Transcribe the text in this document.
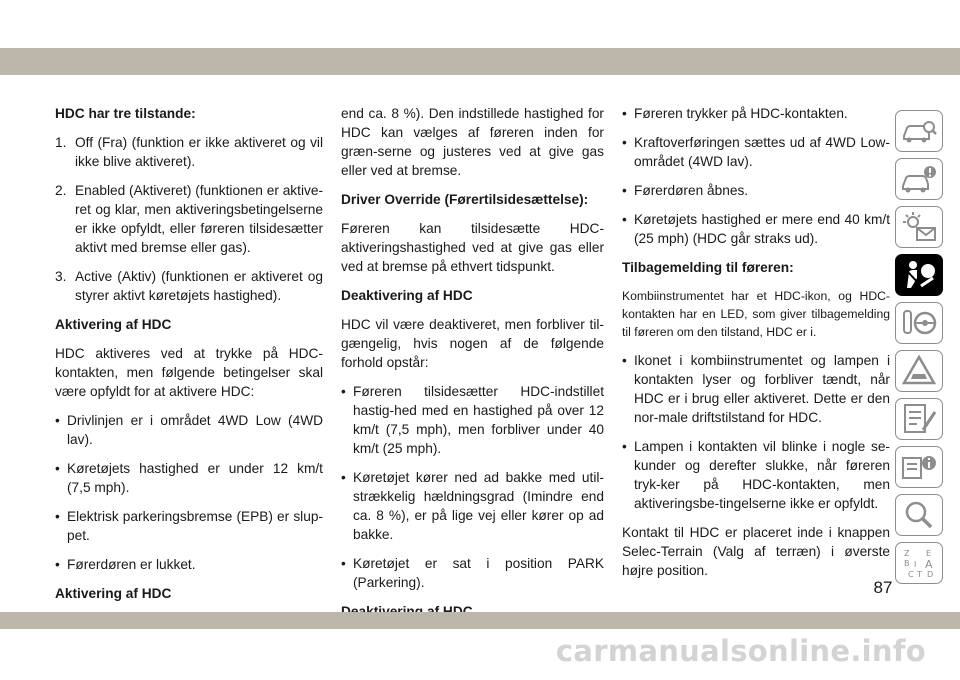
HDC har tre tilstande:
1. Off (Fra) (funktion er ikke aktiveret og vil ikke blive aktiveret).
2. Enabled (Aktiveret) (funktionen er aktive-ret og klar, men aktiveringsbetingelserne er ikke opfyldt, eller føreren tilsidesætter aktivt med bremse eller gas).
3. Active (Aktiv) (funktionen er aktiveret og styrer aktivt køretøjets hastighed).
Aktivering af HDC

HDC aktiveres ved at trykke på HDC-kontakten, men følgende betingelser skal være opfyldt for at aktivere HDC:

• Drivlinjen er i området 4WD Low (4WD lav).
• Køretøjets hastighed er under 12 km/t (7,5 mph).
• Elektrisk parkeringsbremse (EPB) er slup-pet.
• Førerdøren er lukket.
Aktivering af HDC

end ca. 8 %). Den indstillede hastighed for HDC kan vælges af føreren inden for græn-serne og justeres ved at give gas eller ved at bremse.

Driver Override (Førertilsidesættelse):

Føreren kan tilsidesætte HDC-aktiveringshastighed ved at give gas eller ved at bremse på ethvert tidspunkt.

Deaktivering af HDC

HDC vil være deaktiveret, men forbliver til-gængelig, hvis nogen af de følgende forhold opstår:

• Føreren tilsidesætter HDC-indstillet hastig-hed med en hastighed på over 12 km/t (7,5 mph), men forbliver under 40 km/t (25 mph).
• Køretøjet kører ned ad bakke med util-strækkelig hældningsgrad (Imindre end ca. 8 %), er på lige vej eller kører op ad bakke.
• Køretøjet er sat i position PARK (Parkering).

• Føreren trykker på HDC-kontakten.
• Kraftoverføringen sættes ud af 4WD Low-området (4WD lav).
• Førerdøren åbnes.
• Køretøjets hastighed er mere end 40 km/t (25 mph) (HDC går straks ud).
Tilbagemelding til føreren:

Kombiinstrumentet har et HDC-ikon, og HDC-kontakten har en LED, som giver tilbagemelding til føreren om den tilstand, HDC er i.

• Ikonet i kombiinstrumentet og lampen i kontakten lyser og forbliver tændt, når HDC er i brug eller aktiveret. Dette er den nor-male driftstilstand for HDC.
• Lampen i kontakten vil blinke i nogle se-kunder og derefter slukke, når føreren tryk-ker på HDC-kontakten, men aktiveringsbe-tingelserne ikke er opfyldt.

Kontakt til HDC er placeret inde i knappen Selec-Terrain (Valg af terræn) i øverste højre position.

Z E
B A
C D
I
T
87
carmanualsonline.info
